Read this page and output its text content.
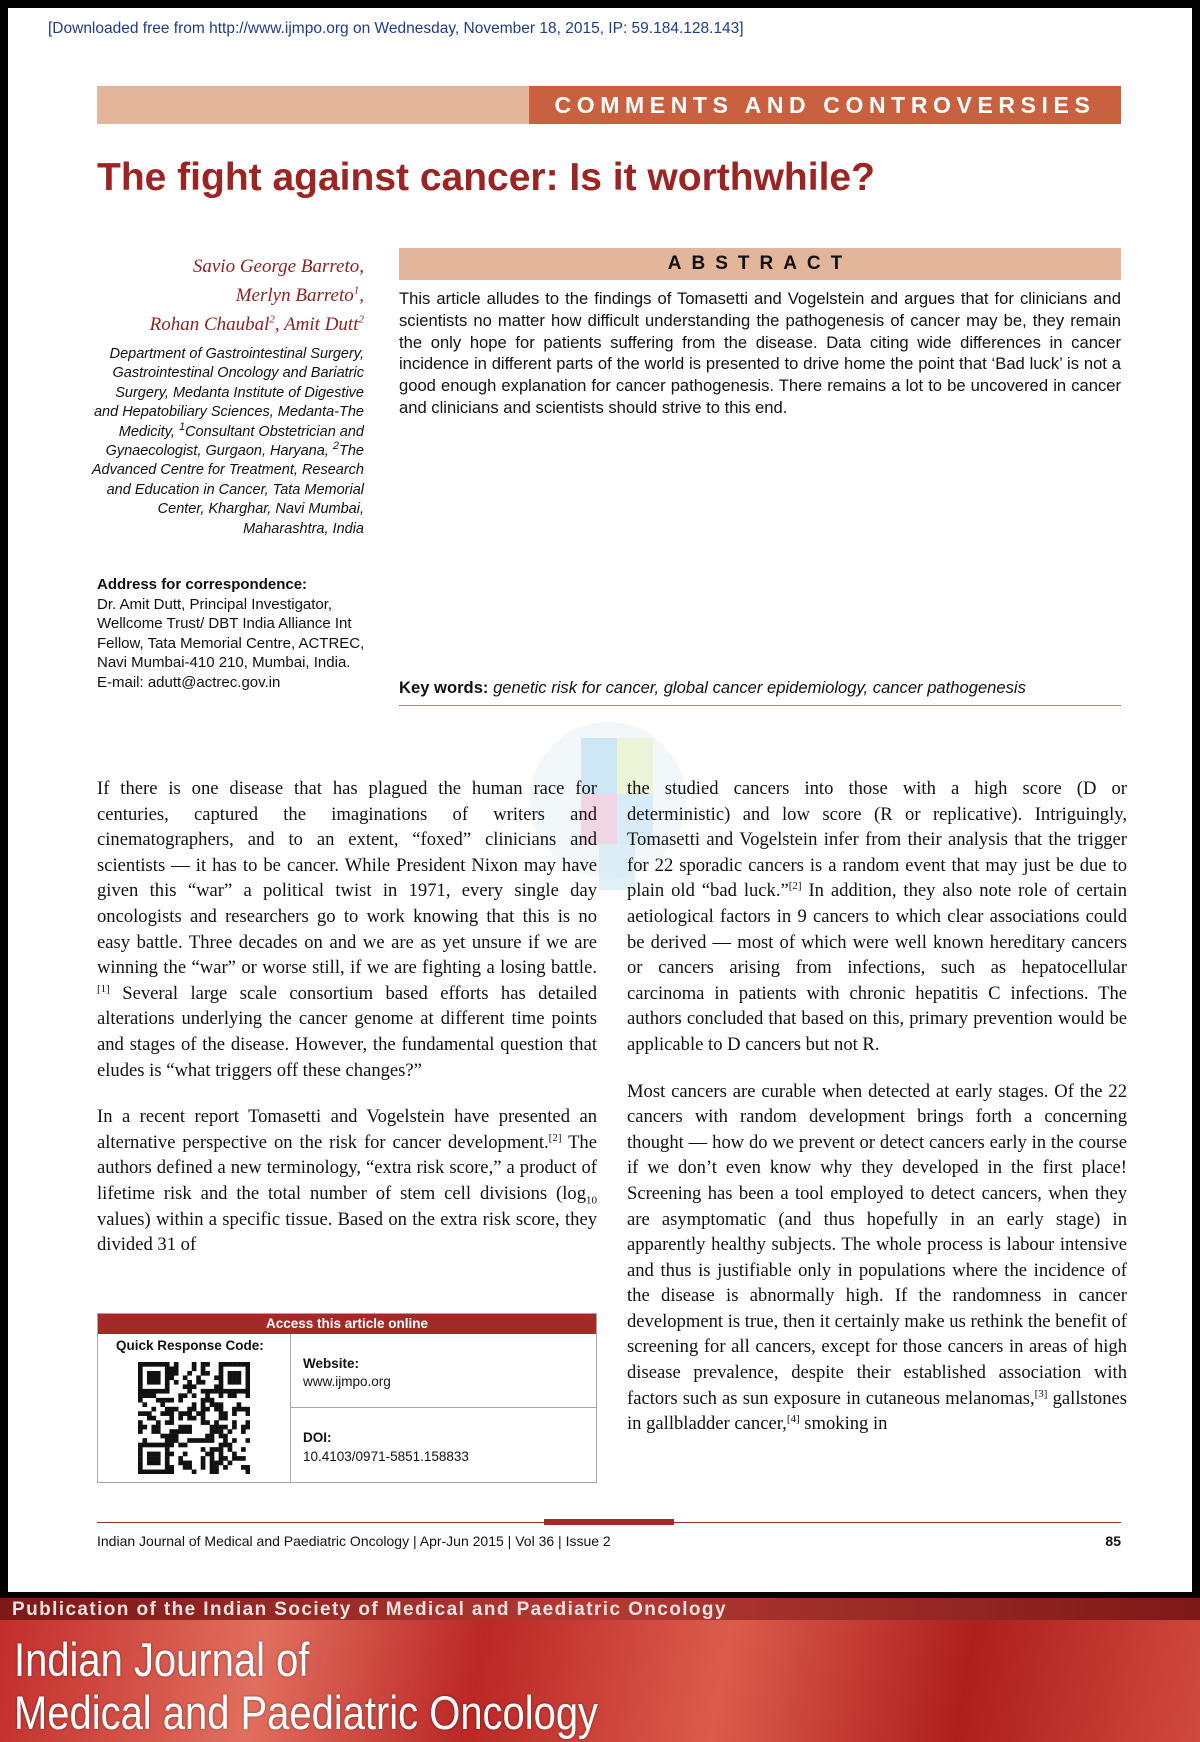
[Downloaded free from http://www.ijmpo.org on Wednesday, November 18, 2015, IP: 59.184.128.143]
COMMENTS AND CONTROVERSIES
The fight against cancer: Is it worthwhile?
Savio George Barreto,
Merlyn Barreto$^1$,
Rohan Chaubal$^2$, Amit Dutt$^2$
Department of Gastrointestinal Surgery, Gastrointestinal Oncology and Bariatric Surgery, Medanta Institute of Digestive and Hepatobiliary Sciences, Medanta-The Medicity, $^1$Consultant Obstetrician and Gynaecologist, Gurgaon, Haryana, $^2$The Advanced Centre for Treatment, Research and Education in Cancer, Tata Memorial Center, Kharghar, Navi Mumbai, Maharashtra, India
Address for correspondence:
Dr. Amit Dutt, Principal Investigator, Wellcome Trust/ DBT India Alliance Int Fellow, Tata Memorial Centre, ACTREC, Navi Mumbai-410 210, Mumbai, India.
E-mail: adutt@actrec.gov.in
ABSTRACT

This article alludes to the findings of Tomasetti and Vogelstein and argues that for clinicians and scientists no matter how difficult understanding the pathogenesis of cancer may be, they remain the only hope for patients suffering from the disease. Data citing wide differences in cancer incidence in different parts of the world is presented to drive home the point that ‘Bad luck’ is not a good enough explanation for cancer pathogenesis. There remains a lot to be uncovered in cancer and clinicians and scientists should strive to this end.

Key words: genetic risk for cancer, global cancer epidemiology, cancer pathogenesis

If there is one disease that has plagued the human race for centuries, captured the imaginations of writers and cinematographers, and to an extent, “foxed” clinicians and scientists — it has to be cancer. While President Nixon may have given this “war” a political twist in 1971, every single day oncologists and researchers go to work knowing that this is no easy battle. Three decades on and we are as yet unsure if we are winning the “war” or worse still, if we are fighting a losing battle.[1] Several large scale consortium based efforts has detailed alterations underlying the cancer genome at different time points and stages of the disease. However, the fundamental question that eludes is “what triggers off these changes?”

In a recent report Tomasetti and Vogelstein have presented an alternative perspective on the risk for cancer development.[2] The authors defined a new terminology, “extra risk score,” a product of lifetime risk and the total number of stem cell divisions ($\log_{10}$ values) within a specific tissue. Based on the extra risk score, they divided 31 of

the studied cancers into those with a high score (D or deterministic) and low score (R or replicative). Intriguingly, Tomasetti and Vogelstein infer from their analysis that the trigger for 22 sporadic cancers is a random event that may just be due to plain old “bad luck.”[2] In addition, they also note role of certain aetiological factors in 9 cancers to which clear associations could be derived — most of which were well known hereditary cancers or cancers arising from infections, such as hepatocellular carcinoma in patients with chronic hepatitis C infections. The authors concluded that based on this, primary prevention would be applicable to D cancers but not R.

Most cancers are curable when detected at early stages. Of the 22 cancers with random development brings forth a concerning thought — how do we prevent or detect cancers early in the course if we don’t even know why they developed in the first place! Screening has been a tool employed to detect cancers, when they are asymptomatic (and thus hopefully in an early stage) in apparently healthy subjects. The whole process is labour intensive and thus is justifiable only in populations where the incidence of the disease is abnormally high. If the randomness in cancer development is true, then it certainly make us rethink the benefit of screening for all cancers, except for those cancers in areas of high disease prevalence, despite their established association with factors such as sun exposure in cutaneous melanomas,[3] gallstones in gallbladder cancer,[4] smoking in

Access this article online
Quick Response Code:
Website:
www.ijmpo.org
DOI:
10.4103/0971-5851.158833
Indian Journal of Medical and Paediatric Oncology | Apr-Jun 2015 | Vol 36 | Issue 2	85
Publication of the Indian Society of Medical and Paediatric Oncology
Indian Journal of
Medical and Paediatric Oncology
